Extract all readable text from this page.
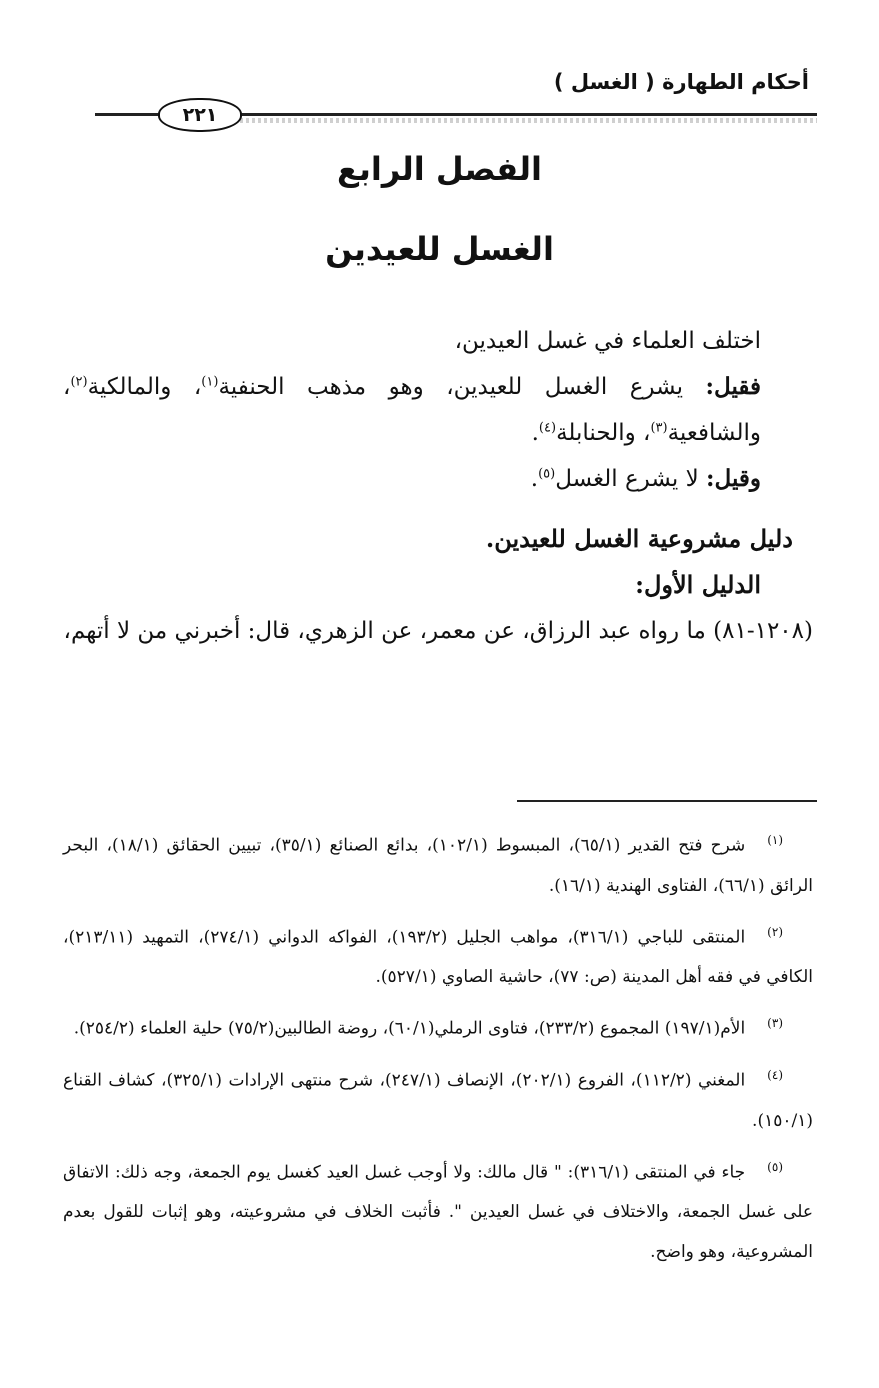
أحكام الطهارة ( الغسل )
٢٢١
الفصل الرابع
الغسل للعيدين

اختلف العلماء في غسل العيدين،

فقيل: يشرع الغسل للعيدين، وهو مذهب الحنفية$^{(١)}$، والمالكية$^{(٢)}$، والشافعية$^{(٣)}$، والحنابلة$^{(٤)}$.

وقيل: لا يشرع الغسل$^{(٥)}$.

دليل مشروعية الغسل للعيدين.

الدليل الأول:

(١٢٠٨-٨١) ما رواه عبد الرزاق، عن معمر، عن الزهري، قال: أخبرني من لا أتهم،

$^{(١)}$شرح فتح القدير (٦٥/١)، المبسوط (١٠٢/١)، بدائع الصنائع (٣٥/١)، تبيين الحقائق (١٨/١)، البحر الرائق (٦٦/١)، الفتاوى الهندية (١٦/١).

$^{(٢)}$المنتقى للباجي (٣١٦/١)، مواهب الجليل (١٩٣/٢)، الفواكه الدواني (٢٧٤/١)، التمهيد (٢١٣/١١)، الكافي في فقه أهل المدينة (ص: ٧٧)، حاشية الصاوي (٥٢٧/١).

$^{(٣)}$الأم(١٩٧/١) المجموع (٢٣٣/٢)، فتاوى الرملي(٦٠/١)، روضة الطالبين(٧٥/٢) حلية العلماء (٢٥٤/٢).

$^{(٤)}$المغني (١١٢/٢)، الفروع (٢٠٢/١)، الإنصاف (٢٤٧/١)، شرح منتهى الإرادات (٣٢٥/١)، كشاف القناع (١٥٠/١).

$^{(٥)}$جاء في المنتقى (٣١٦/١): " قال مالك: ولا أوجب غسل العيد كغسل يوم الجمعة، وجه ذلك: الاتفاق على غسل الجمعة، والاختلاف في غسل العيدين ". فأثبت الخلاف في مشروعيته، وهو إثبات للقول بعدم المشروعية، وهو واضح.
